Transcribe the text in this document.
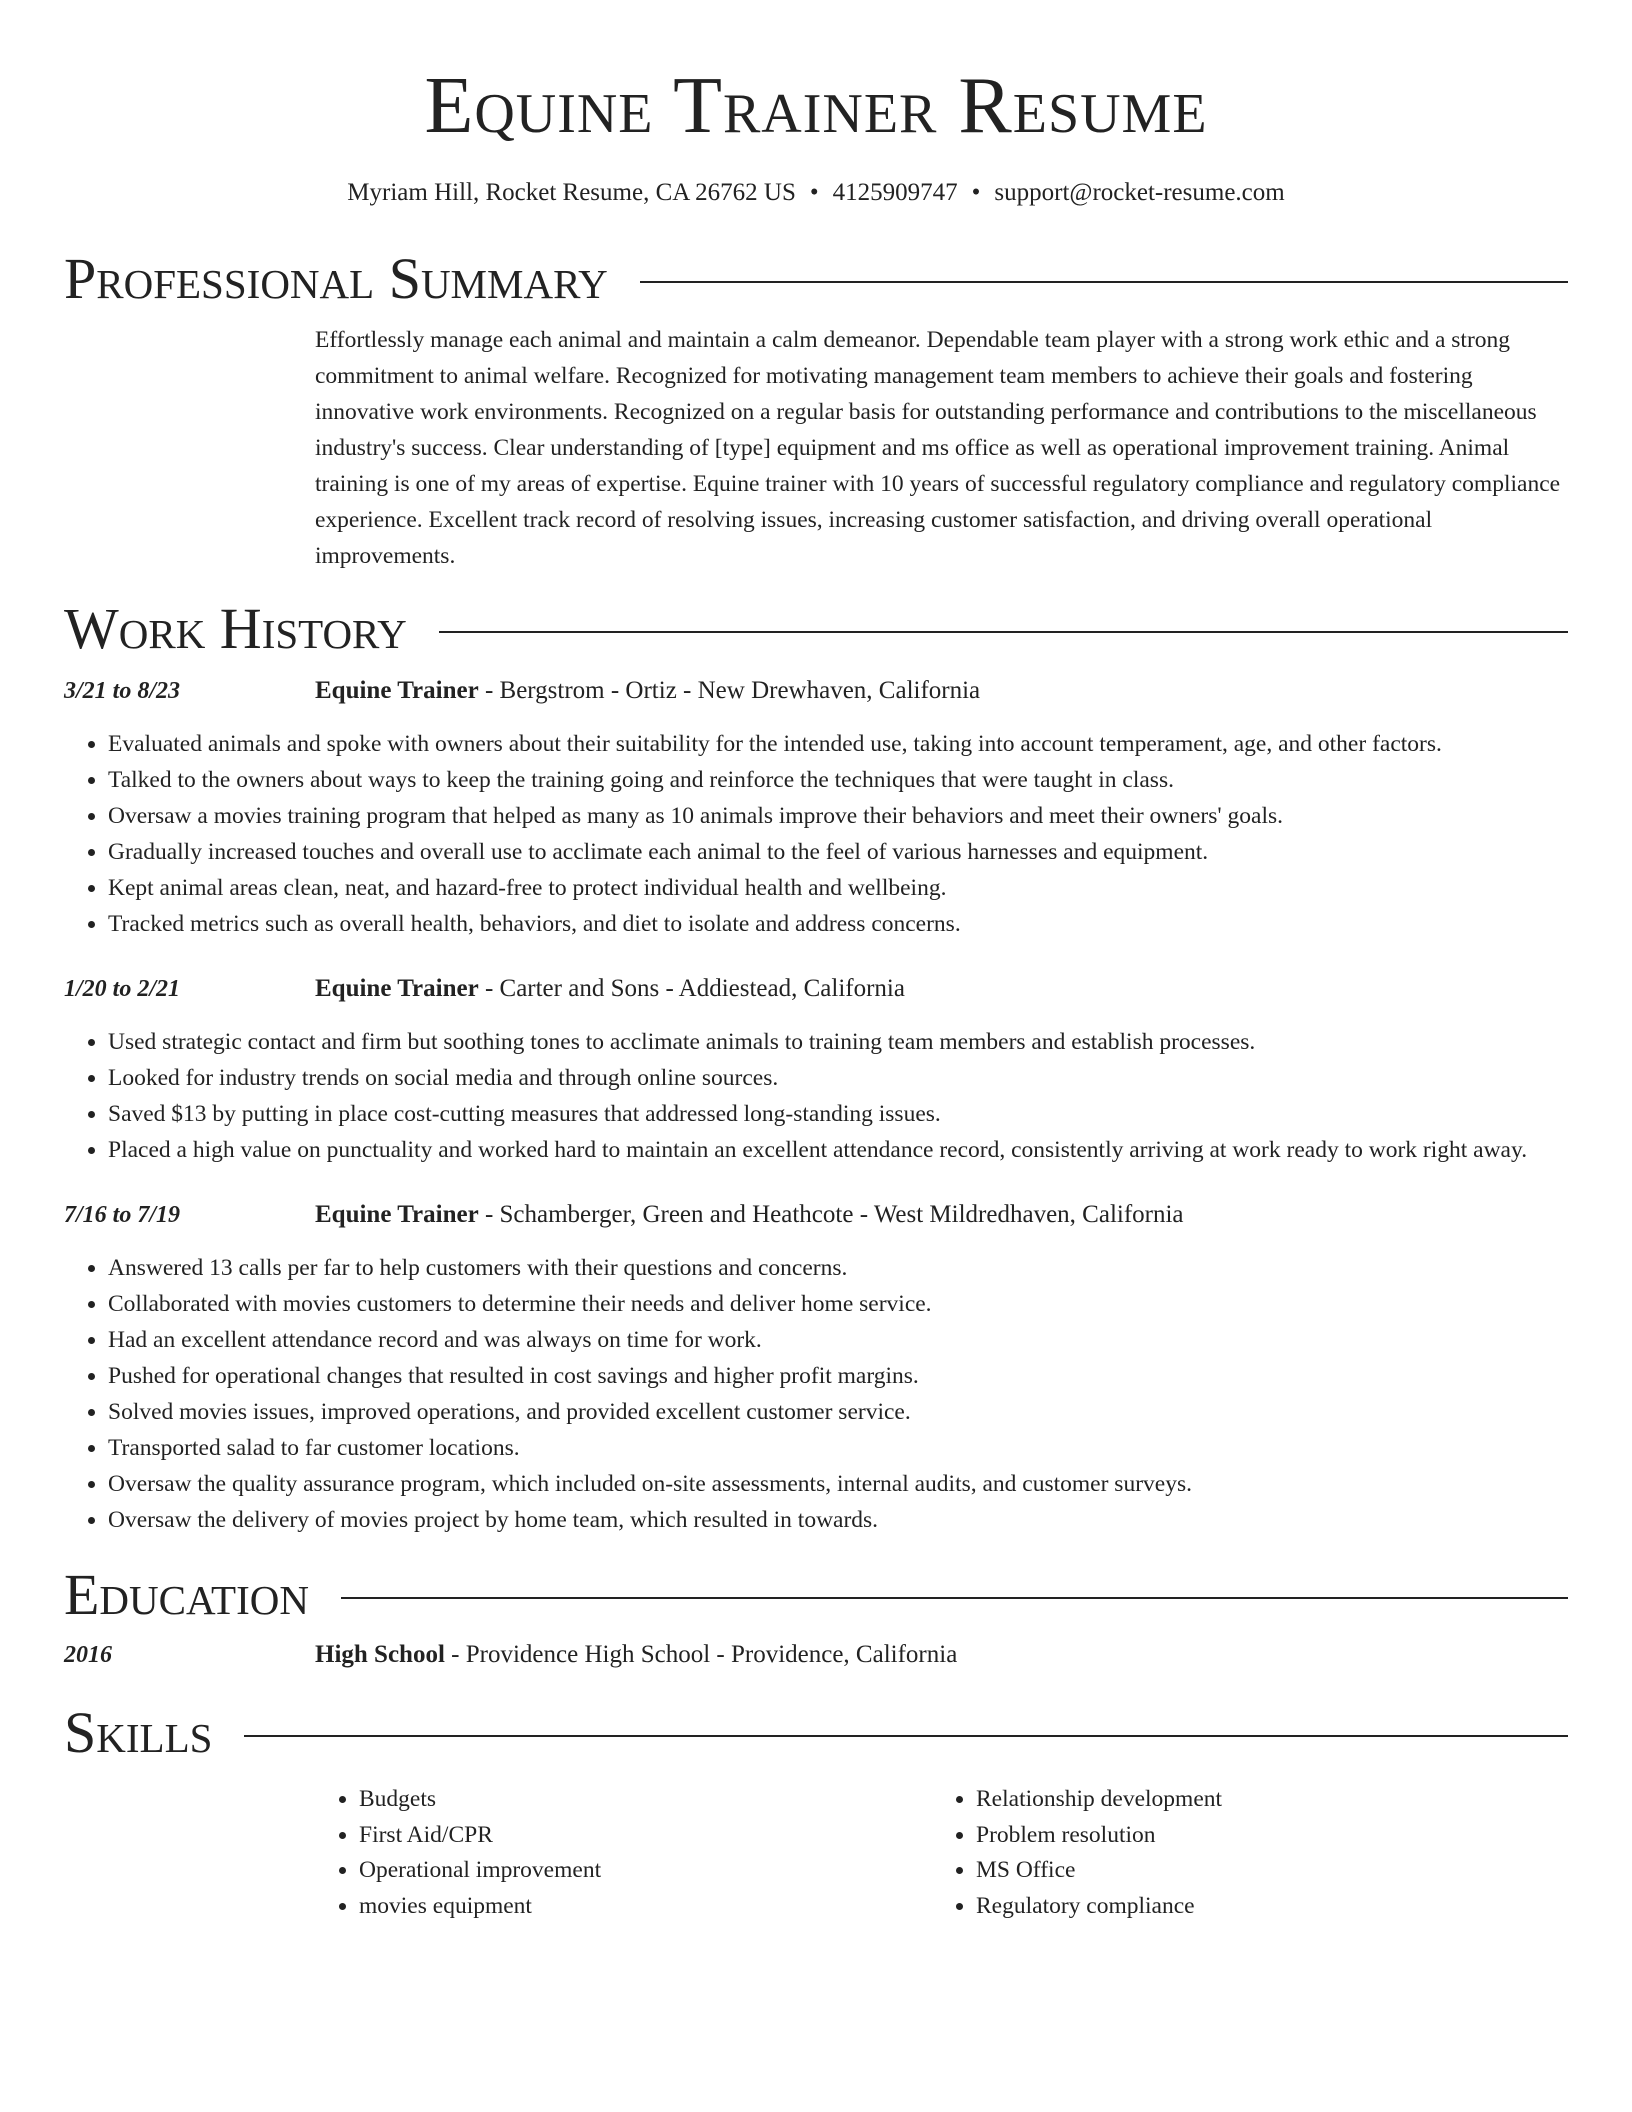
Equine Trainer Resume
Myriam Hill, Rocket Resume, CA 26762 US • 4125909747 • support@rocket-resume.com
Professional Summary

Effortlessly manage each animal and maintain a calm demeanor. Dependable team player with a strong work ethic and a strong commitment to animal welfare. Recognized for motivating management team members to achieve their goals and fostering innovative work environments. Recognized on a regular basis for outstanding performance and contributions to the miscellaneous industry's success. Clear understanding of [type] equipment and ms office as well as operational improvement training. Animal training is one of my areas of expertise. Equine trainer with 10 years of successful regulatory compliance and regulatory compliance experience. Excellent track record of resolving issues, increasing customer satisfaction, and driving overall operational improvements.

Work History
3/21 to 8/23	Equine Trainer - Bergstrom - Ortiz - New Drewhaven, California
• Evaluated animals and spoke with owners about their suitability for the intended use, taking into account temperament, age, and other factors.
• Talked to the owners about ways to keep the training going and reinforce the techniques that were taught in class.
• Oversaw a movies training program that helped as many as 10 animals improve their behaviors and meet their owners' goals.
• Gradually increased touches and overall use to acclimate each animal to the feel of various harnesses and equipment.
• Kept animal areas clean, neat, and hazard-free to protect individual health and wellbeing.
• Tracked metrics such as overall health, behaviors, and diet to isolate and address concerns.
1/20 to 2/21	Equine Trainer - Carter and Sons - Addiestead, California
• Used strategic contact and firm but soothing tones to acclimate animals to training team members and establish processes.
• Looked for industry trends on social media and through online sources.
• Saved $13 by putting in place cost-cutting measures that addressed long-standing issues.
• Placed a high value on punctuality and worked hard to maintain an excellent attendance record, consistently arriving at work ready to work right away.
7/16 to 7/19	Equine Trainer - Schamberger, Green and Heathcote - West Mildredhaven, California
• Answered 13 calls per far to help customers with their questions and concerns.
• Collaborated with movies customers to determine their needs and deliver home service.
• Had an excellent attendance record and was always on time for work.
• Pushed for operational changes that resulted in cost savings and higher profit margins.
• Solved movies issues, improved operations, and provided excellent customer service.
• Transported salad to far customer locations.
• Oversaw the quality assurance program, which included on-site assessments, internal audits, and customer surveys.
• Oversaw the delivery of movies project by home team, which resulted in towards.
Education
2016	High School - Providence High School - Providence, California
Skills
• Budgets
• First Aid/CPR
• Operational improvement
• movies equipment
• Relationship development
• Problem resolution
• MS Office
• Regulatory compliance
